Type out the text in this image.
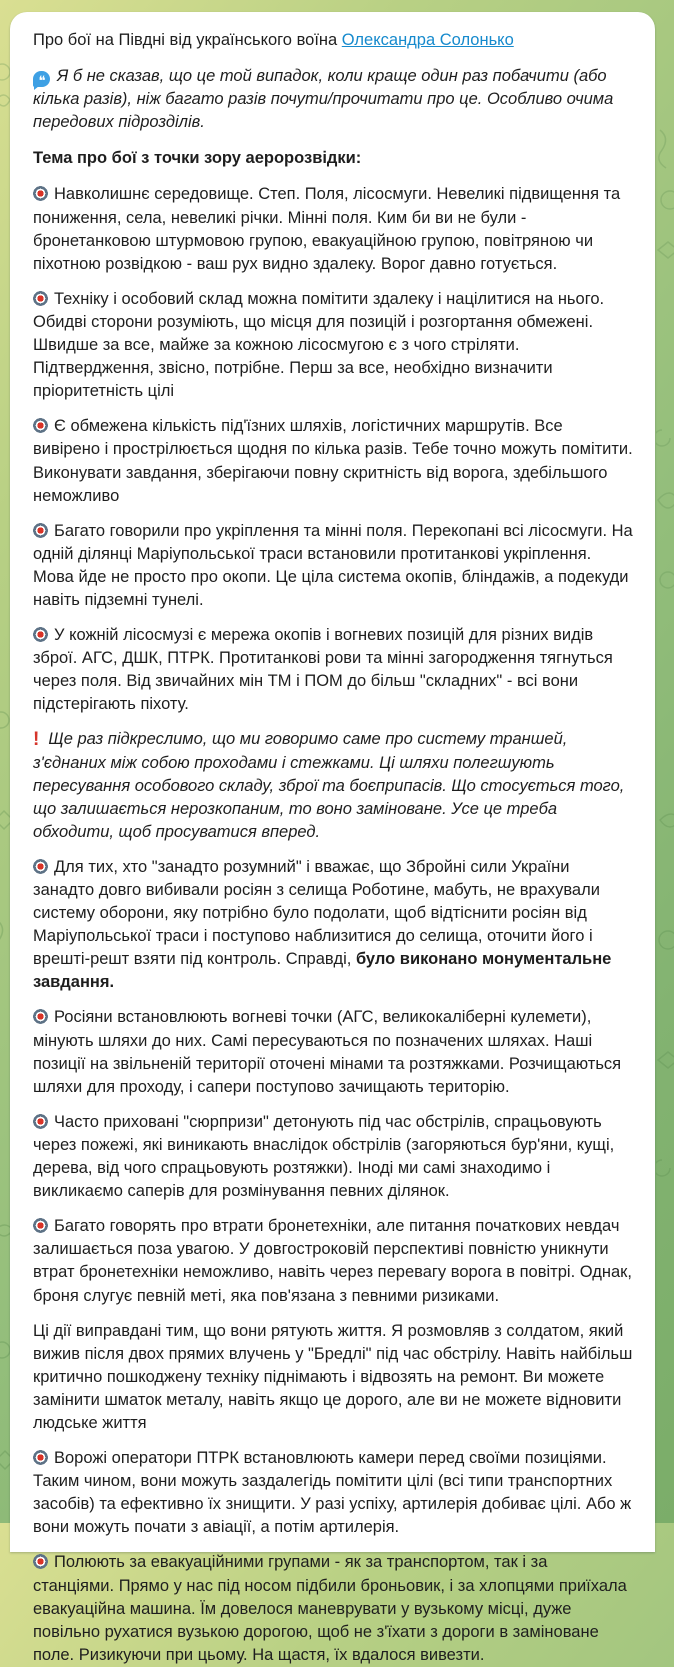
Про бої на Півдні від українського воїна Олександра Солонько

❝ Я б не сказав, що це той випадок, коли краще один раз побачити (або кілька разів), ніж багато разів почути/прочитати про це. Особливо очима передових підрозділів.

Тема про бої з точки зору аеророзвідки:

Навколишнє середовище. Степ. Поля, лісосмуги. Невеликі підвищення та пониження, села, невеликі річки. Мінні поля. Ким би ви не були - бронетанковою штурмовою групою, евакуаційною групою, повітряною чи піхотною розвідкою - ваш рух видно здалеку. Ворог давно готується.

Техніку і особовий склад можна помітити здалеку і націлитися на нього. Обидві сторони розуміють, що місця для позицій і розгортання обмежені. Швидше за все, майже за кожною лісосмугою є з чого стріляти. Підтвердження, звісно, потрібне. Перш за все, необхідно визначити пріоритетність цілі

Є обмежена кількість під'їзних шляхів, логістичних маршрутів. Все вивірено і прострілюється щодня по кілька разів. Тебе точно можуть помітити. Виконувати завдання, зберігаючи повну скритність від ворога, здебільшого неможливо

Багато говорили про укріплення та мінні поля. Перекопані всі лісосмуги. На одній ділянці Маріупольської траси встановили протитанкові укріплення. Мова йде не просто про окопи. Це ціла система окопів, бліндажів, а подекуди навіть підземні тунелі.

У кожній лісосмузі є мережа окопів і вогневих позицій для різних видів зброї. АГС, ДШК, ПТРК. Протитанкові рови та мінні загородження тягнуться через поля. Від звичайних мін ТМ і ПОМ до більш "складних" - всі вони підстерігають піхоту.

! Ще раз підкреслимо, що ми говоримо саме про систему траншей, з'єднаних між собою проходами і стежками. Ці шляхи полегшують пересування особового складу, зброї та боєприпасів. Що стосується того, що залишається нерозкопаним, то воно заміноване. Усе це треба обходити, щоб просуватися вперед.

Для тих, хто "занадто розумний" і вважає, що Збройні сили України занадто довго вибивали росіян з селища Роботине, мабуть, не врахували систему оборони, яку потрібно було подолати, щоб відтіснити росіян від Маріупольської траси і поступово наблизитися до селища, оточити його і врешті-решт взяти під контроль. Справді, було виконано монументальне завдання.

Росіяни встановлюють вогневі точки (АГС, великокаліберні кулемети), мінують шляхи до них. Самі пересуваються по позначених шляхах. Наші позиції на звільненій території оточені мінами та розтяжками. Розчищаються шляхи для проходу, і сапери поступово зачищають територію.

Часто приховані "сюрпризи" детонують під час обстрілів, спрацьовують через пожежі, які виникають внаслідок обстрілів (загоряються бур'яни, кущі, дерева, від чого спрацьовують розтяжки). Іноді ми самі знаходимо і викликаємо саперів для розмінування певних ділянок.

Багато говорять про втрати бронетехніки, але питання початкових невдач залишається поза увагою. У довгостроковій перспективі повністю уникнути втрат бронетехніки неможливо, навіть через перевагу ворога в повітрі. Однак, броня слугує певній меті, яка пов'язана з певними ризиками.

Ці дії виправдані тим, що вони рятують життя. Я розмовляв з солдатом, який вижив після двох прямих влучень у "Бредлі" під час обстрілу. Навіть найбільш критично пошкоджену техніку піднімають і відвозять на ремонт. Ви можете замінити шматок металу, навіть якщо це дорого, але ви не можете відновити людське життя

Ворожі оператори ПТРК встановлюють камери перед своїми позиціями. Таким чином, вони можуть заздалегідь помітити цілі (всі типи транспортних засобів) та ефективно їх знищити. У разі успіху, артилерія добиває цілі. Або ж вони можуть почати з авіації, а потім артилерія.

Полюють за евакуаційними групами - як за транспортом, так і за станціями. Прямо у нас під носом підбили броньовик, і за хлопцями приїхала евакуаційна машина. Їм довелося маневрувати у вузькому місці, дуже повільно рухатися вузькою дорогою, щоб не з'їхати з дороги в заміноване поле. Ризикуючи при цьому. На щастя, їх вдалося вивезти.
